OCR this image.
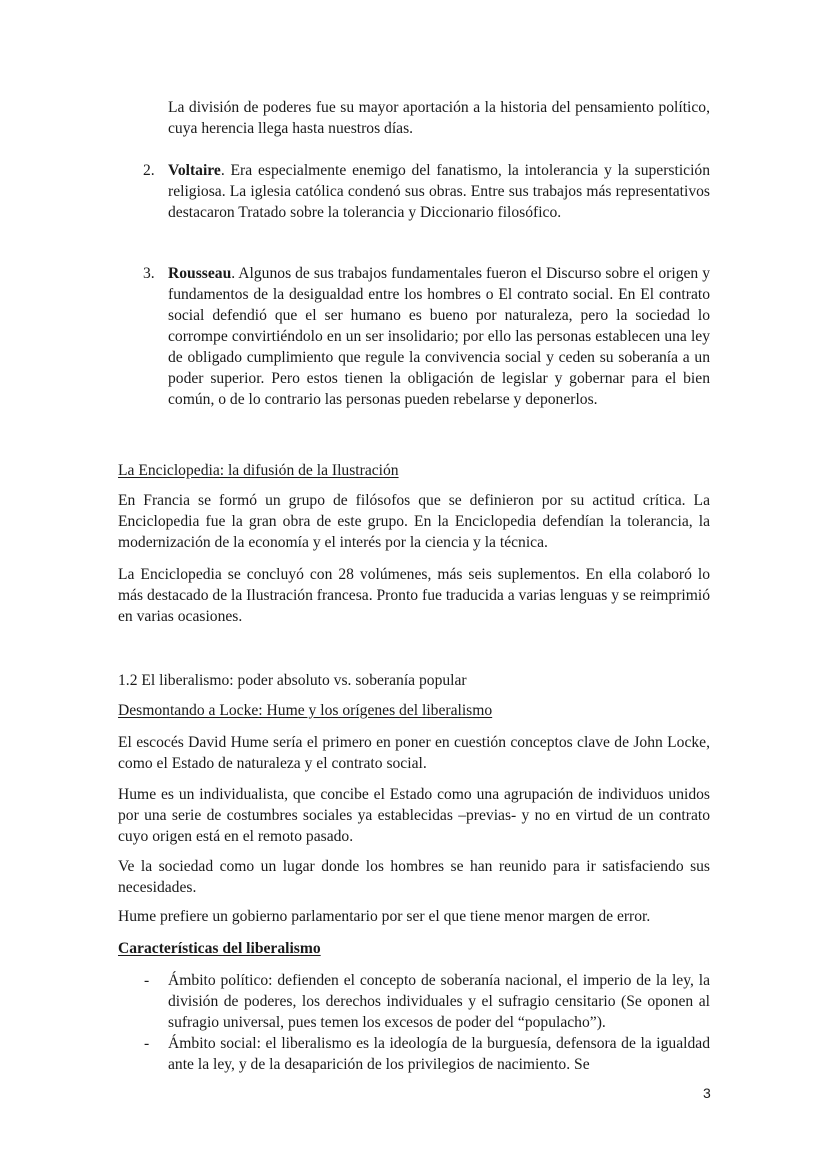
La división de poderes fue su mayor aportación a la historia del pensamiento político, cuya herencia llega hasta nuestros días.

2. Voltaire. Era especialmente enemigo del fanatismo, la intolerancia y la superstición religiosa. La iglesia católica condenó sus obras. Entre sus trabajos más representativos destacaron Tratado sobre la tolerancia y Diccionario filosófico.

3. Rousseau. Algunos de sus trabajos fundamentales fueron el Discurso sobre el origen y fundamentos de la desigualdad entre los hombres o El contrato social. En El contrato social defendió que el ser humano es bueno por naturaleza, pero la sociedad lo corrompe convirtiéndolo en un ser insolidario; por ello las personas establecen una ley de obligado cumplimiento que regule la convivencia social y ceden su soberanía a un poder superior. Pero estos tienen la obligación de legislar y gobernar para el bien común, o de lo contrario las personas pueden rebelarse y deponerlos.

La Enciclopedia: la difusión de la Ilustración

En Francia se formó un grupo de filósofos que se definieron por su actitud crítica. La Enciclopedia fue la gran obra de este grupo. En la Enciclopedia defendían la tolerancia, la modernización de la economía y el interés por la ciencia y la técnica.

La Enciclopedia se concluyó con 28 volúmenes, más seis suplementos. En ella colaboró lo más destacado de la Ilustración francesa. Pronto fue traducida a varias lenguas y se reimprimió en varias ocasiones.

1.2 El liberalismo: poder absoluto vs. soberanía popular

Desmontando a Locke: Hume y los orígenes del liberalismo

El escocés David Hume sería el primero en poner en cuestión conceptos clave de John Locke, como el Estado de naturaleza y el contrato social.

Hume es un individualista, que concibe el Estado como una agrupación de individuos unidos por una serie de costumbres sociales ya establecidas –previas- y no en virtud de un contrato cuyo origen está en el remoto pasado.

Ve la sociedad como un lugar donde los hombres se han reunido para ir satisfaciendo sus necesidades.

Hume prefiere un gobierno parlamentario por ser el que tiene menor margen de error.

Características del liberalismo

- Ámbito político: defienden el concepto de soberanía nacional, el imperio de la ley, la división de poderes, los derechos individuales y el sufragio censitario (Se oponen al sufragio universal, pues temen los excesos de poder del “populacho”).

- Ámbito social: el liberalismo es la ideología de la burguesía, defensora de la igualdad ante la ley, y de la desaparición de los privilegios de nacimiento. Se

3
